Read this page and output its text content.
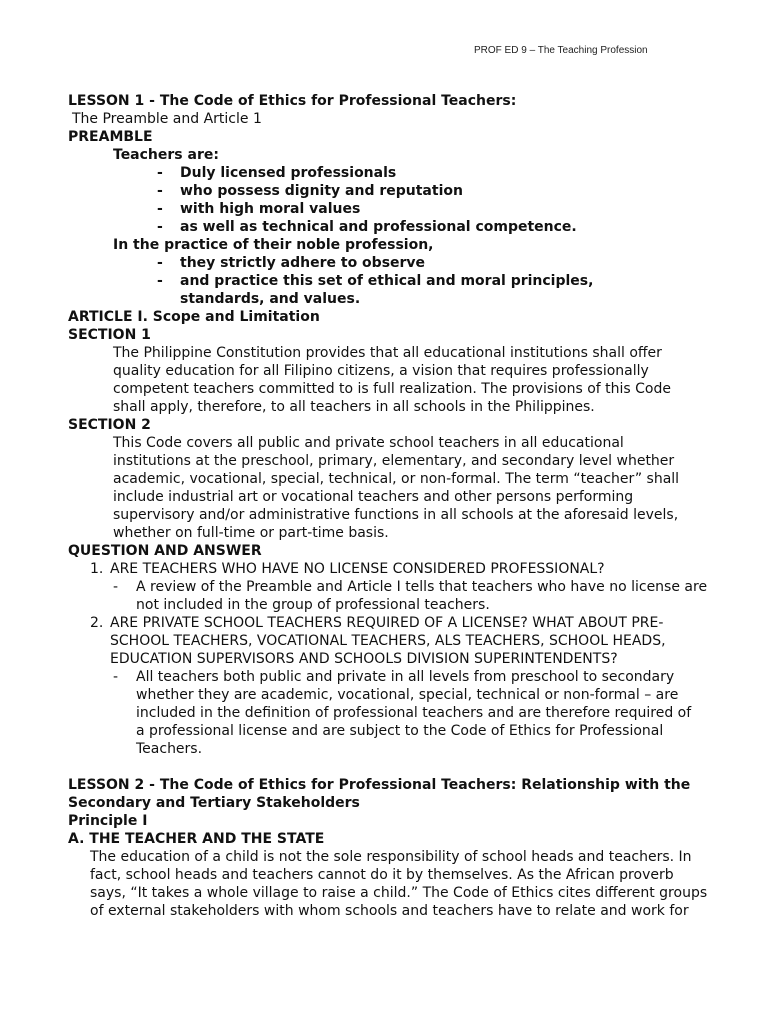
PROF ED 9 – The Teaching Profession

LESSON 1 - The Code of Ethics for Professional Teachers:

The Preamble and Article 1

PREAMBLE

Teachers are:

- Duly licensed professionals

- who possess dignity and reputation

- with high moral values

- as well as technical and professional competence.

In the practice of their noble profession,

- they strictly adhere to observe

- and practice this set of ethical and moral principles, standards, and values.

ARTICLE I. Scope and Limitation

SECTION 1

The Philippine Constitution provides that all educational institutions shall offer quality education for all Filipino citizens, a vision that requires professionally competent teachers committed to is full realization. The provisions of this Code shall apply, therefore, to all teachers in all schools in the Philippines.

SECTION 2

This Code covers all public and private school teachers in all educational institutions at the preschool, primary, elementary, and secondary level whether academic, vocational, special, technical, or non-formal. The term “teacher” shall include industrial art or vocational teachers and other persons performing supervisory and/or administrative functions in all schools at the aforesaid levels, whether on full-time or part-time basis.

QUESTION AND ANSWER

1. ARE TEACHERS WHO HAVE NO LICENSE CONSIDERED PROFESSIONAL?

- A review of the Preamble and Article I tells that teachers who have no license are not included in the group of professional teachers.

2. ARE PRIVATE SCHOOL TEACHERS REQUIRED OF A LICENSE? WHAT ABOUT PRE-SCHOOL TEACHERS, VOCATIONAL TEACHERS, ALS TEACHERS, SCHOOL HEADS, EDUCATION SUPERVISORS AND SCHOOLS DIVISION SUPERINTENDENTS?

- All teachers both public and private in all levels from preschool to secondary whether they are academic, vocational, special, technical or non-formal – are included in the definition of professional teachers and are therefore required of a professional license and are subject to the Code of Ethics for Professional Teachers.

LESSON 2 - The Code of Ethics for Professional Teachers: Relationship with the Secondary and Tertiary Stakeholders

Principle I

A. THE TEACHER AND THE STATE

The education of a child is not the sole responsibility of school heads and teachers. In fact, school heads and teachers cannot do it by themselves. As the African proverb says, “It takes a whole village to raise a child.” The Code of Ethics cites different groups of external stakeholders with whom schools and teachers have to relate and work for
